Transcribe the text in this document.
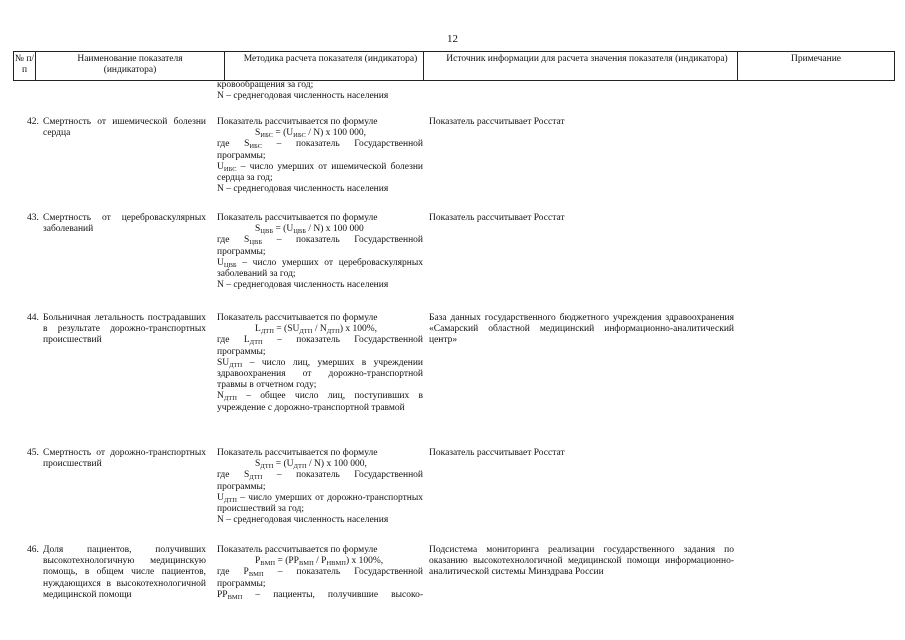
12
№ п/п
Наименование показателя (индикатора)
Методика расчета показателя (индикатора)	Источник информации для расчета значения показателя (индикатора)	Примечание
кровообращения за год;
N – среднегодовая численность населения
42. Смертность от ишемической болезни сердца
Показатель рассчитывается по формуле
$S_{ИБС} = (U_{ИБС} / N)$ х 100 000,
где $S_{ИБС}$ – показатель Государственной программы;
$U_{ИБС}$ – число умерших от ишемической болезни сердца за год;
N – среднегодовая численность населения
Показатель рассчитывает Росстат
43. Смертность от цереброваскулярных заболеваний
Показатель рассчитывается по формуле
$S_{ЦВБ} = (U_{ЦВБ} / N)$ х 100 000
где $S_{ЦВБ}$ – показатель Государственной программы;
$U_{ЦВБ}$ – число умерших от цереброваскулярных заболеваний за год;
N – среднегодовая численность населения
Показатель рассчитывает Росстат
44. Больничная летальность пострадавших в результате дорожно-транспортных происшествий
Показатель рассчитывается по формуле
$L_{ДТП} = (SU_{ДТП} / N_{ДТП})$ х 100%,
где $L_{ДТП}$ – показатель Государственной программы;
$SU_{ДТП}$ – число лиц, умерших в учреждении здравоохранения от дорожно-транспортной травмы в отчетном году;
$N_{ДТП}$ – общее число лиц, поступивших в учреждение с дорожно-транспортной травмой
База данных государственного бюджетного учреждения здравоохранения «Самарский областной медицинский информационно-аналитический центр»
45. Смертность от дорожно-транспортных происшествий
Показатель рассчитывается по формуле
$S_{ДТП} = (U_{ДТП} / N)$ х 100 000,
где $S_{ДТП}$ – показатель Государственной программы;
$U_{ДТП}$ – число умерших от дорожно-транспортных происшествий за год;
N – среднегодовая численность населения
Показатель рассчитывает Росстат
46. Доля пациентов, получивших высокотехнологичную медицинскую помощь, в общем числе пациентов, нуждающихся в высокотехнологичной медицинской помощи
Показатель рассчитывается по формуле
$P_{ВМП} = (PP_{ВМП} / P_{НВМП})$ х 100%,
где $P_{ВМП}$ – показатель Государственной программы;
$PP_{ВМП}$ – пациенты, получившие высоко-
Подсистема мониторинга реализации государственного задания по оказанию высокотехнологичной медицинской помощи информационно-аналитической системы Минздрава России
